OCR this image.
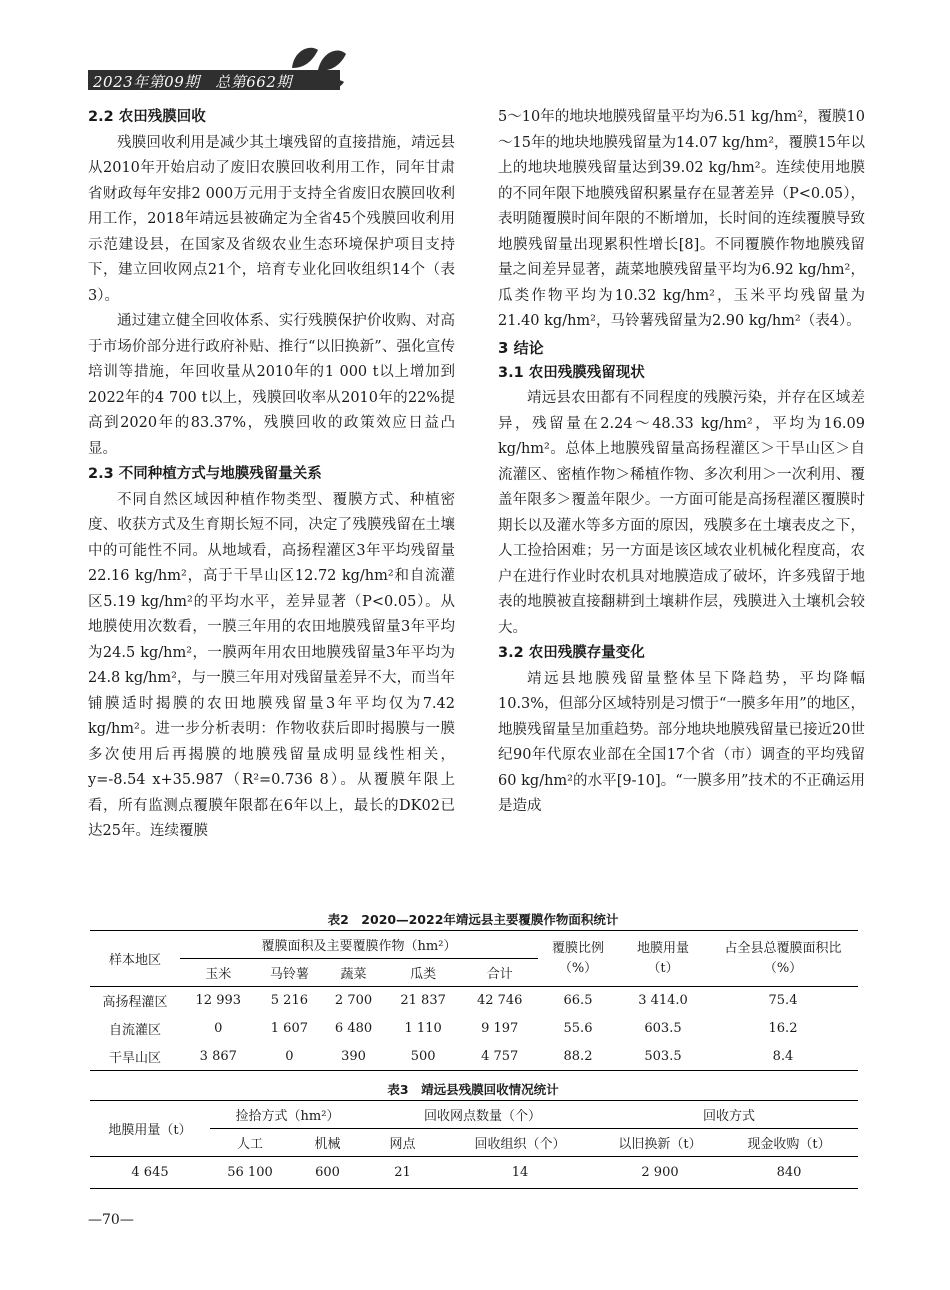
2023年第09期　总第662期
2.2 农田残膜回收

残膜回收利用是减少其土壤残留的直接措施，靖远县从2010年开始启动了废旧农膜回收利用工作，同年甘肃省财政每年安排2 000万元用于支持全省废旧农膜回收利用工作，2018年靖远县被确定为全省45个残膜回收利用示范建设县，在国家及省级农业生态环境保护项目支持下，建立回收网点21个，培育专业化回收组织14个（表3）。

通过建立健全回收体系、实行残膜保护价收购、对高于市场价部分进行政府补贴、推行“以旧换新”、强化宣传培训等措施，年回收量从2010年的1 000 t以上增加到2022年的4 700 t以上，残膜回收率从2010年的22%提高到2020年的83.37%，残膜回收的政策效应日益凸显。

2.3 不同种植方式与地膜残留量关系

不同自然区域因种植作物类型、覆膜方式、种植密度、收获方式及生育期长短不同，决定了残膜残留在土壤中的可能性不同。从地域看，高扬程灌区3年平均残留量22.16 kg/hm²，高于干旱山区12.72 kg/hm²和自流灌区5.19 kg/hm²的平均水平，差异显著（P<0.05）。从地膜使用次数看，一膜三年用的农田地膜残留量3年平均为24.5 kg/hm²，一膜两年用农田地膜残留量3年平均为24.8 kg/hm²，与一膜三年用对残留量差异不大，而当年铺膜适时揭膜的农田地膜残留量3年平均仅为7.42 kg/hm²。进一步分析表明：作物收获后即时揭膜与一膜多次使用后再揭膜的地膜残留量成明显线性相关，y=-8.54 x+35.987（R²=0.736 8）。从覆膜年限上看，所有监测点覆膜年限都在6年以上，最长的DK02已达25年。连续覆膜

5～10年的地块地膜残留量平均为6.51 kg/hm²，覆膜10～15年的地块地膜残留量为14.07 kg/hm²，覆膜15年以上的地块地膜残留量达到39.02 kg/hm²。连续使用地膜的不同年限下地膜残留积累量存在显著差异（P<0.05），表明随覆膜时间年限的不断增加，长时间的连续覆膜导致地膜残留量出现累积性增长[8]。不同覆膜作物地膜残留量之间差异显著，蔬菜地膜残留量平均为6.92 kg/hm²，瓜类作物平均为10.32 kg/hm²，玉米平均残留量为21.40 kg/hm²，马铃薯残留量为2.90 kg/hm²（表4）。

3 结论
3.1 农田残膜残留现状

靖远县农田都有不同程度的残膜污染，并存在区域差异，残留量在2.24～48.33 kg/hm²，平均为16.09 kg/hm²。总体上地膜残留量高扬程灌区＞干旱山区＞自流灌区、密植作物＞稀植作物、多次利用＞一次利用、覆盖年限多＞覆盖年限少。一方面可能是高扬程灌区覆膜时期长以及灌水等多方面的原因，残膜多在土壤表皮之下，人工捡拾困难；另一方面是该区域农业机械化程度高，农户在进行作业时农机具对地膜造成了破坏，许多残留于地表的地膜被直接翻耕到土壤耕作层，残膜进入土壤机会较大。

3.2 农田残膜存量变化

靖远县地膜残留量整体呈下降趋势，平均降幅10.3%，但部分区域特别是习惯于“一膜多年用”的地区，地膜残留量呈加重趋势。部分地块地膜残留量已接近20世纪90年代原农业部在全国17个省（市）调查的平均残留60 kg/hm²的水平[9-10]。“一膜多用”技术的不正确运用是造成

表2　2020—2022年靖远县主要覆膜作物面积统计
样本地区	覆膜面积及主要覆膜作物（hm²）					覆膜比例
（%）	地膜用量
（t）	占全县总覆膜面积比
（%）
	玉米	马铃薯	蔬菜	瓜类	合计			
高扬程灌区	12 993	5 216	2 700	21 837	42 746	66.5	3 414.0	75.4
自流灌区	0	1 607	6 480	1 110	9 197	55.6	603.5	16.2
干旱山区	3 867	0	390	500	4 757	88.2	503.5	8.4
表3　靖远县残膜回收情况统计
地膜用量（t）	捡拾方式（hm²）		回收网点数量（个）		回收方式	
	人工	机械	网点	回收组织（个）	以旧换新（t）	现金收购（t）
4 645	56 100	600	21	14	2 900	840
—70—
